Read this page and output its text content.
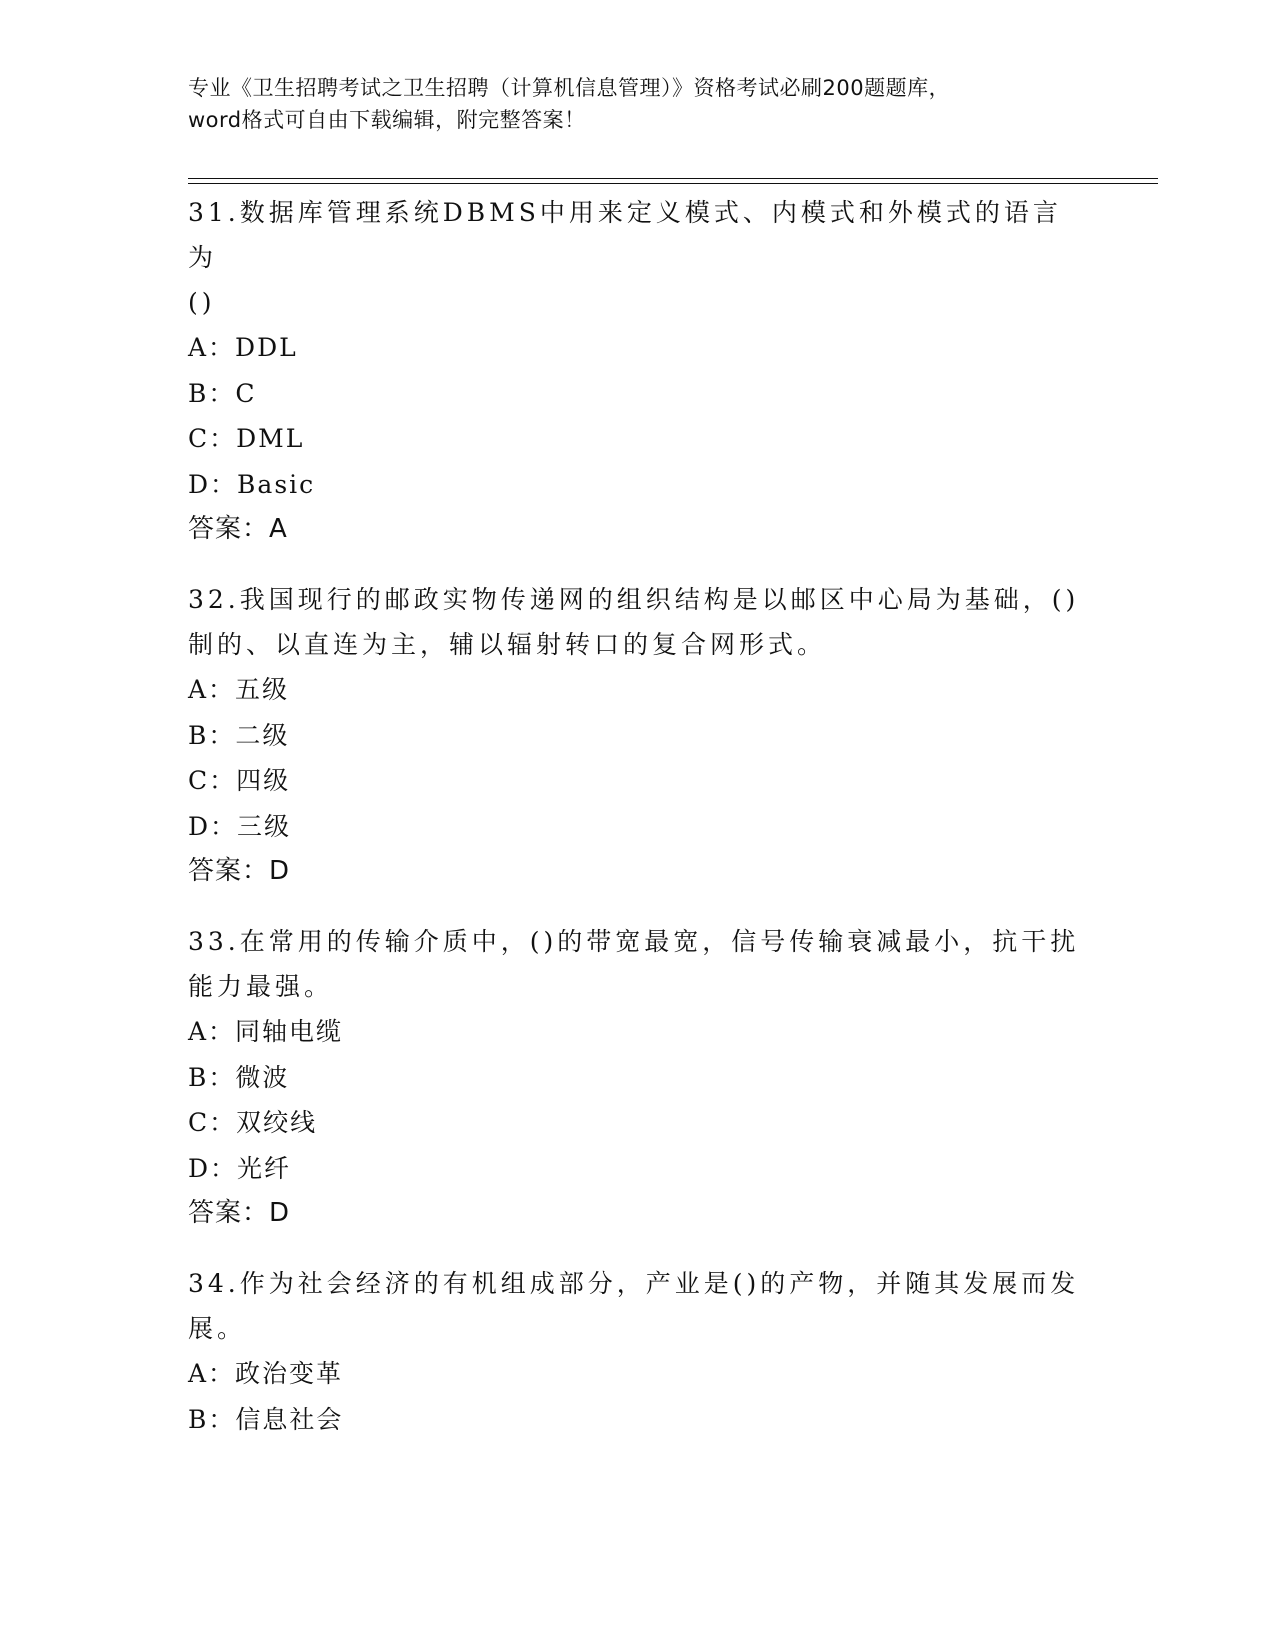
专业《卫生招聘考试之卫生招聘（计算机信息管理）》资格考试必刷200题题库，
word格式可自由下载编辑，附完整答案！
31.数据库管理系统DBMS中用来定义模式、内模式和外模式的语言为
()
A：DDL
B：C
C：DML
D：Basic
答案：A
32.我国现行的邮政实物传递网的组织结构是以邮区中心局为基础，()
制的、以直连为主，辅以辐射转口的复合网形式。
A：五级
B：二级
C：四级
D：三级
答案：D
33.在常用的传输介质中，()的带宽最宽，信号传输衰减最小，抗干扰
能力最强。
A：同轴电缆
B：微波
C：双绞线
D：光纤
答案：D
34.作为社会经济的有机组成部分，产业是()的产物，并随其发展而发
展。
A：政治变革
B：信息社会
